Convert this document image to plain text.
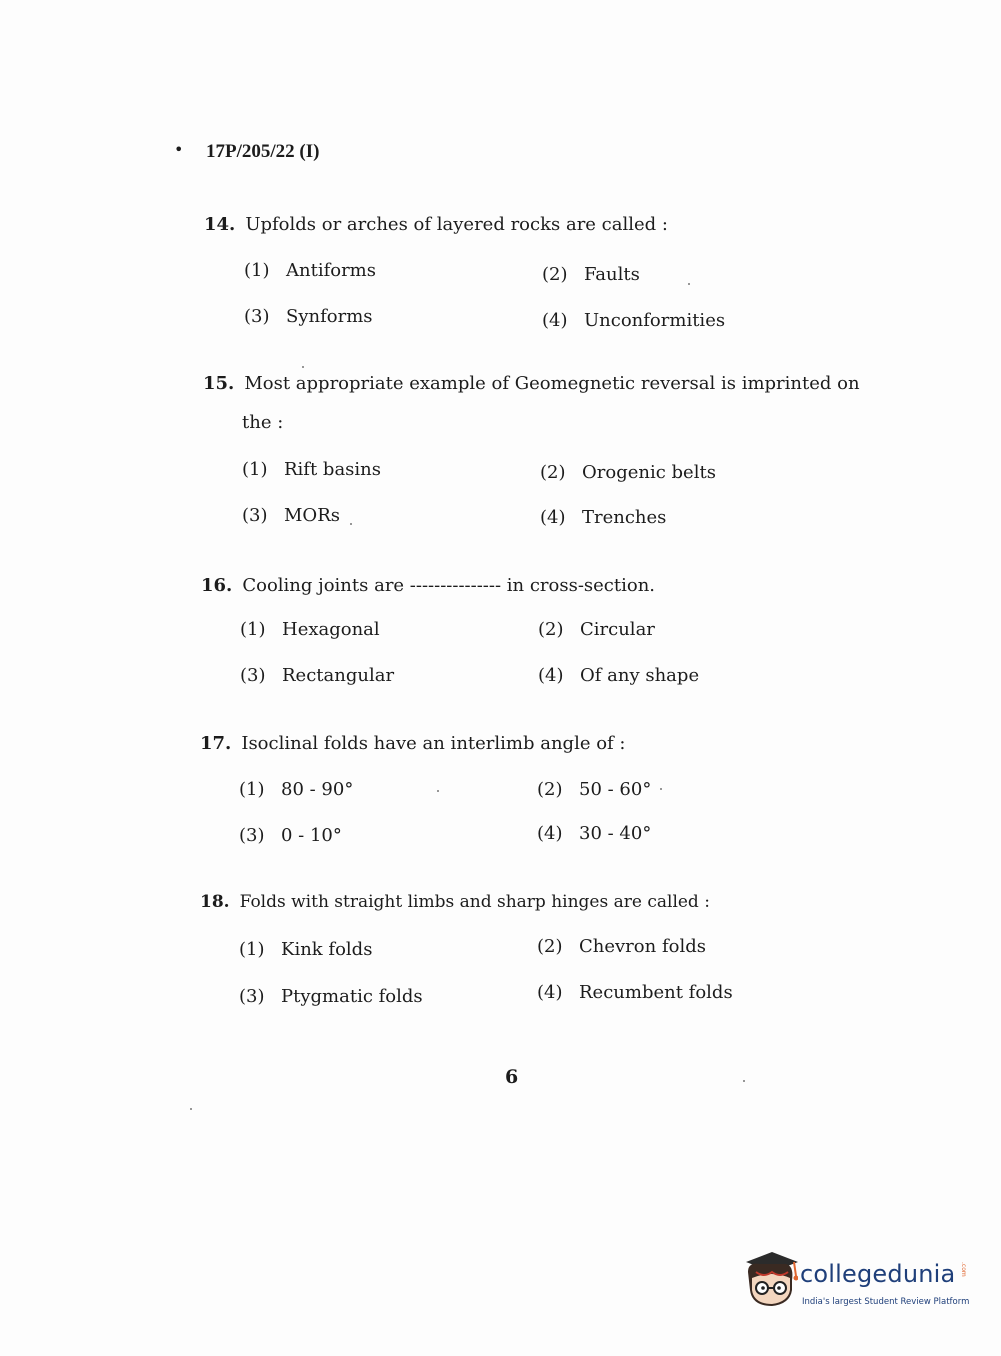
• 17P/205/22 (I)
14. Upfolds or arches of layered rocks are called :
(1) Antiforms	(2) Faults
(3) Synforms	(4) Unconformities
15. Most appropriate example of Geomegnetic reversal is imprinted on
the :
(1) Rift basins	(2) Orogenic belts
(3) MORs	(4) Trenches
16. Cooling joints are --------------- in cross-section.
(1) Hexagonal	(2) Circular
(3) Rectangular	(4) Of any shape
17. Isoclinal folds have an interlimb angle of :
(1) 80 - 90°	(2) 50 - 60°
(3) 0 - 10°	(4) 30 - 40°
18. Folds with straight limbs and sharp hinges are called :
(1) Kink folds	(2) Chevron folds
(3) Ptygmatic folds	(4) Recumbent folds
6
collegedunia .com
India's largest Student Review Platform
